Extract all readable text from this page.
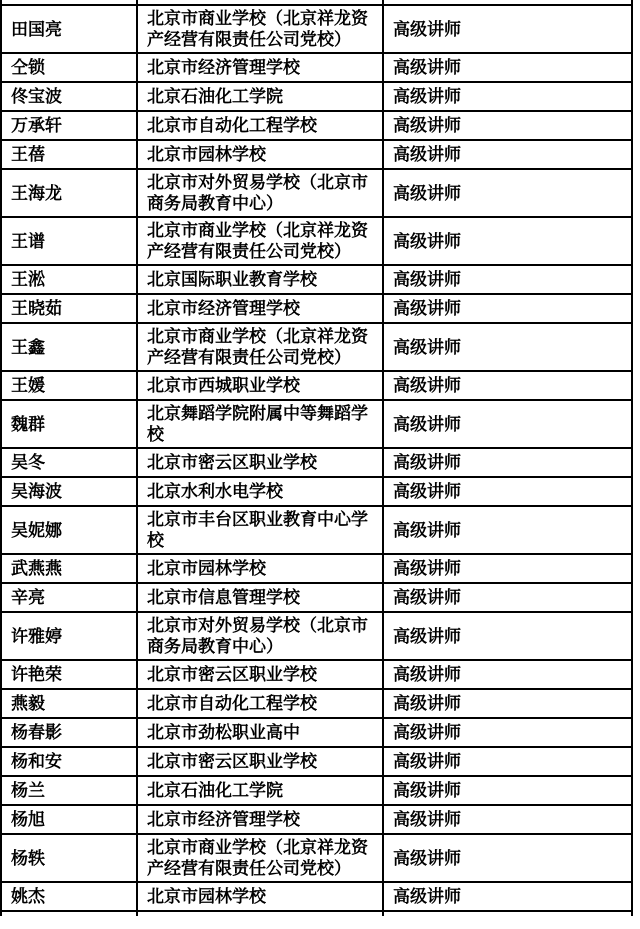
田国亮	北京市商业学校（北京祥龙资产经营有限责任公司党校）	高级讲师
仝锁	北京市经济管理学校	高级讲师
佟宝波	北京石油化工学院	高级讲师
万承轩	北京市自动化工程学校	高级讲师
王蓓	北京市园林学校	高级讲师
王海龙	北京市对外贸易学校（北京市商务局教育中心）	高级讲师
王谱	北京市商业学校（北京祥龙资产经营有限责任公司党校）	高级讲师
王淞	北京国际职业教育学校	高级讲师
王晓茹	北京市经济管理学校	高级讲师
王鑫	北京市商业学校（北京祥龙资产经营有限责任公司党校）	高级讲师
王媛	北京市西城职业学校	高级讲师
魏群	北京舞蹈学院附属中等舞蹈学校	高级讲师
吴冬	北京市密云区职业学校	高级讲师
吴海波	北京水利水电学校	高级讲师
吴妮娜	北京市丰台区职业教育中心学校	高级讲师
武燕燕	北京市园林学校	高级讲师
辛亮	北京市信息管理学校	高级讲师
许雅婷	北京市对外贸易学校（北京市商务局教育中心）	高级讲师
许艳荣	北京市密云区职业学校	高级讲师
燕毅	北京市自动化工程学校	高级讲师
杨春影	北京市劲松职业高中	高级讲师
杨和安	北京市密云区职业学校	高级讲师
杨兰	北京石油化工学院	高级讲师
杨旭	北京市经济管理学校	高级讲师
杨轶	北京市商业学校（北京祥龙资产经营有限责任公司党校）	高级讲师
姚杰	北京市园林学校	高级讲师
